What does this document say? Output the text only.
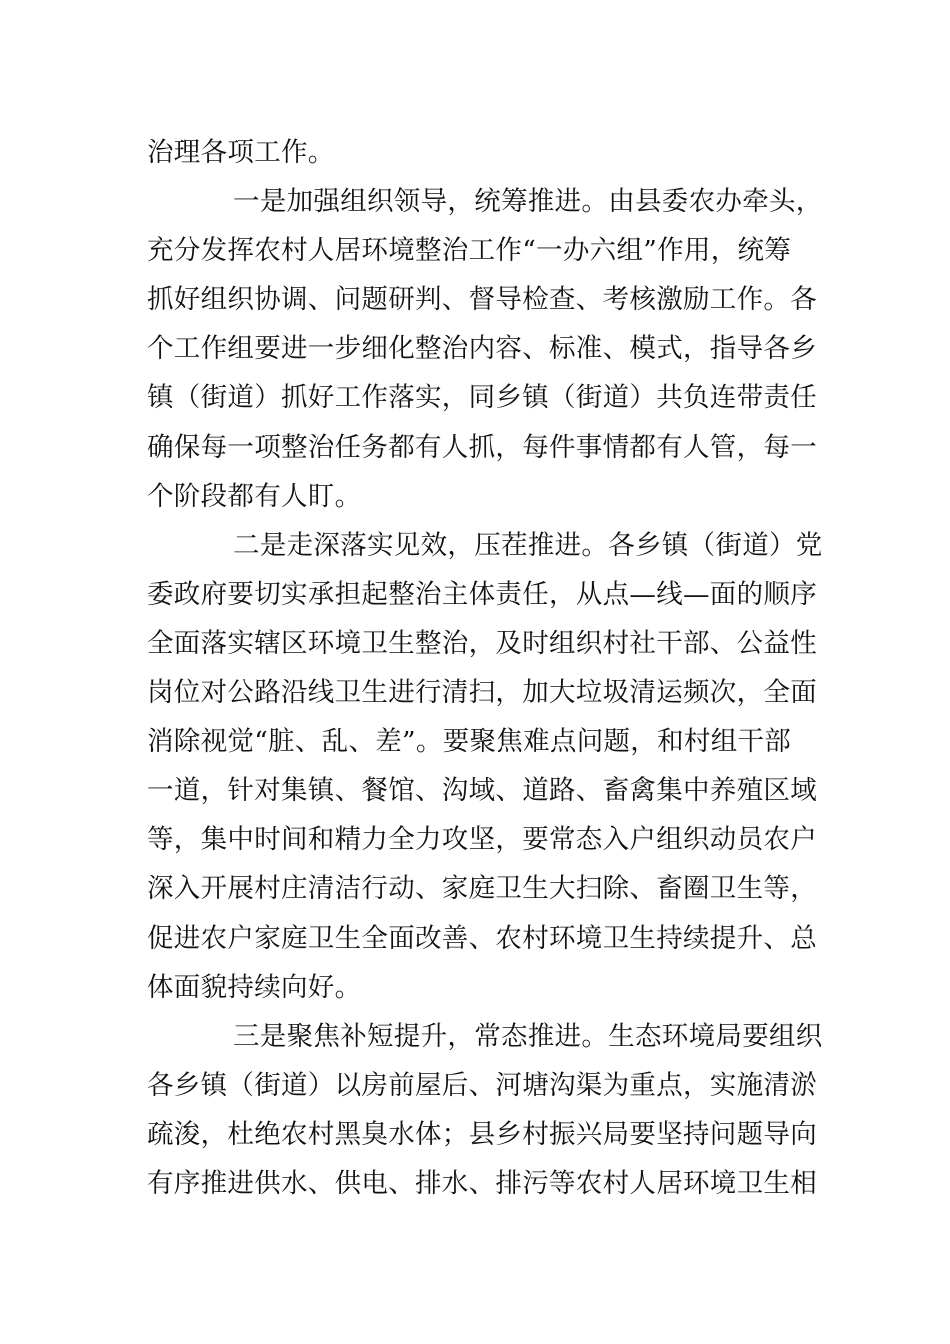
治理各项工作。
一是加强组织领导，统筹推进。由县委农办牵头，
充分发挥农村人居环境整治工作“一办六组”作用，统筹
抓好组织协调、问题研判、督导检查、考核激励工作。各
个工作组要进一步细化整治内容、标准、模式，指导各乡
镇（街道）抓好工作落实，同乡镇（街道）共负连带责任
确保每一项整治任务都有人抓，每件事情都有人管，每一
个阶段都有人盯。
二是走深落实见效，压茬推进。各乡镇（街道）党
委政府要切实承担起整治主体责任，从点—线—面的顺序
全面落实辖区环境卫生整治，及时组织村社干部、公益性
岗位对公路沿线卫生进行清扫，加大垃圾清运频次，全面
消除视觉“脏、乱、差”。要聚焦难点问题，和村组干部
一道，针对集镇、餐馆、沟域、道路、畜禽集中养殖区域
等，集中时间和精力全力攻坚，要常态入户组织动员农户
深入开展村庄清洁行动、家庭卫生大扫除、畜圈卫生等，
促进农户家庭卫生全面改善、农村环境卫生持续提升、总
体面貌持续向好。
三是聚焦补短提升，常态推进。生态环境局要组织
各乡镇（街道）以房前屋后、河塘沟渠为重点，实施清淤
疏浚，杜绝农村黑臭水体；县乡村振兴局要坚持问题导向
有序推进供水、供电、排水、排污等农村人居环境卫生相
